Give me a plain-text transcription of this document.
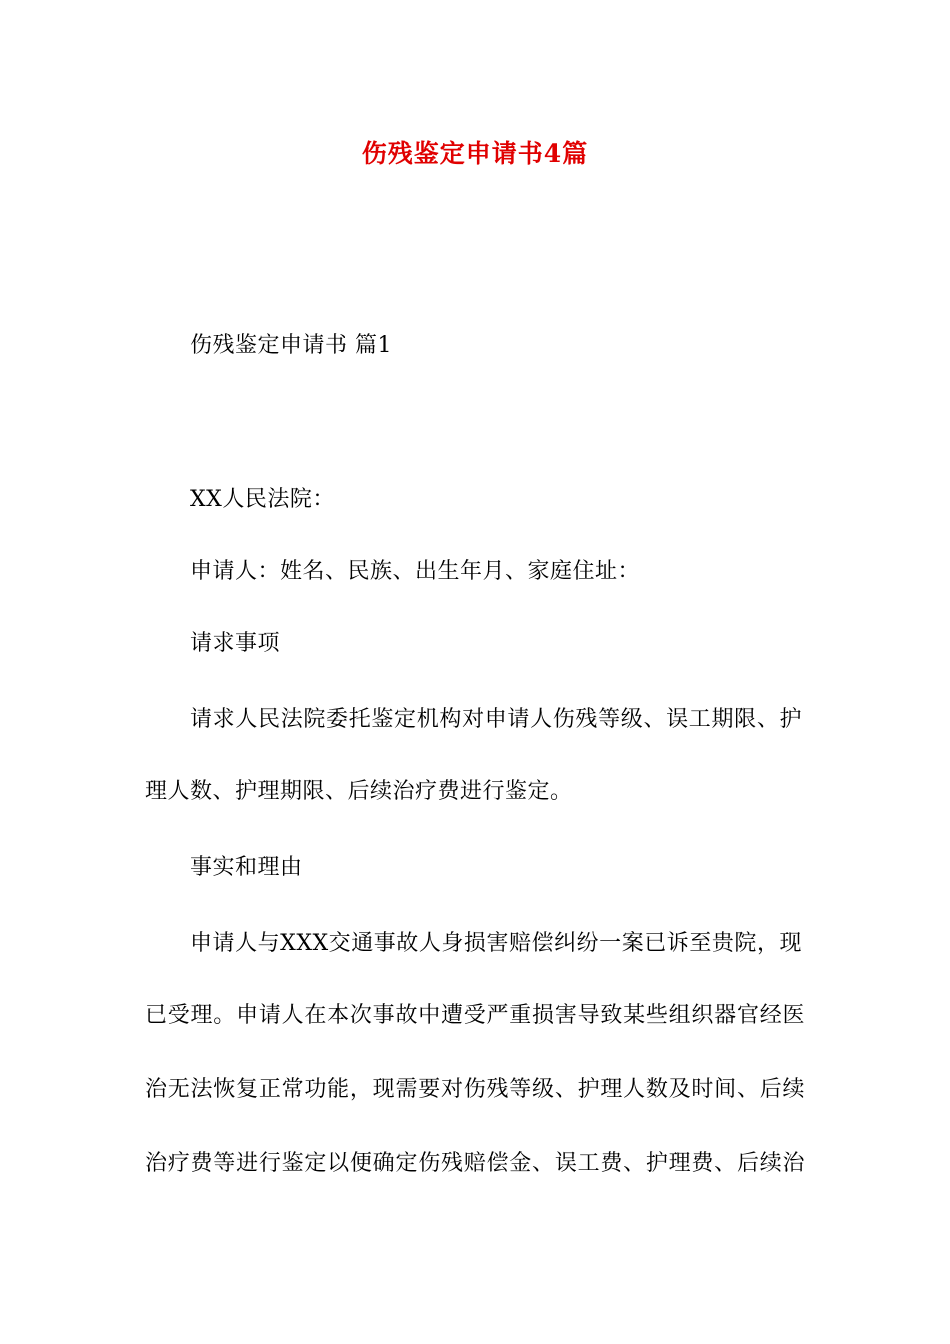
伤残鉴定申请书4篇
伤残鉴定申请书 篇1
XX人民法院：
申请人：姓名、民族、出生年月、家庭住址：
请求事项
请求人民法院委托鉴定机构对申请人伤残等级、误工期限、护
理人数、护理期限、后续治疗费进行鉴定。
事实和理由
申请人与XXX交通事故人身损害赔偿纠纷一案已诉至贵院，现
已受理。申请人在本次事故中遭受严重损害导致某些组织器官经医
治无法恢复正常功能，现需要对伤残等级、护理人数及时间、后续
治疗费等进行鉴定以便确定伤残赔偿金、误工费、护理费、后续治
